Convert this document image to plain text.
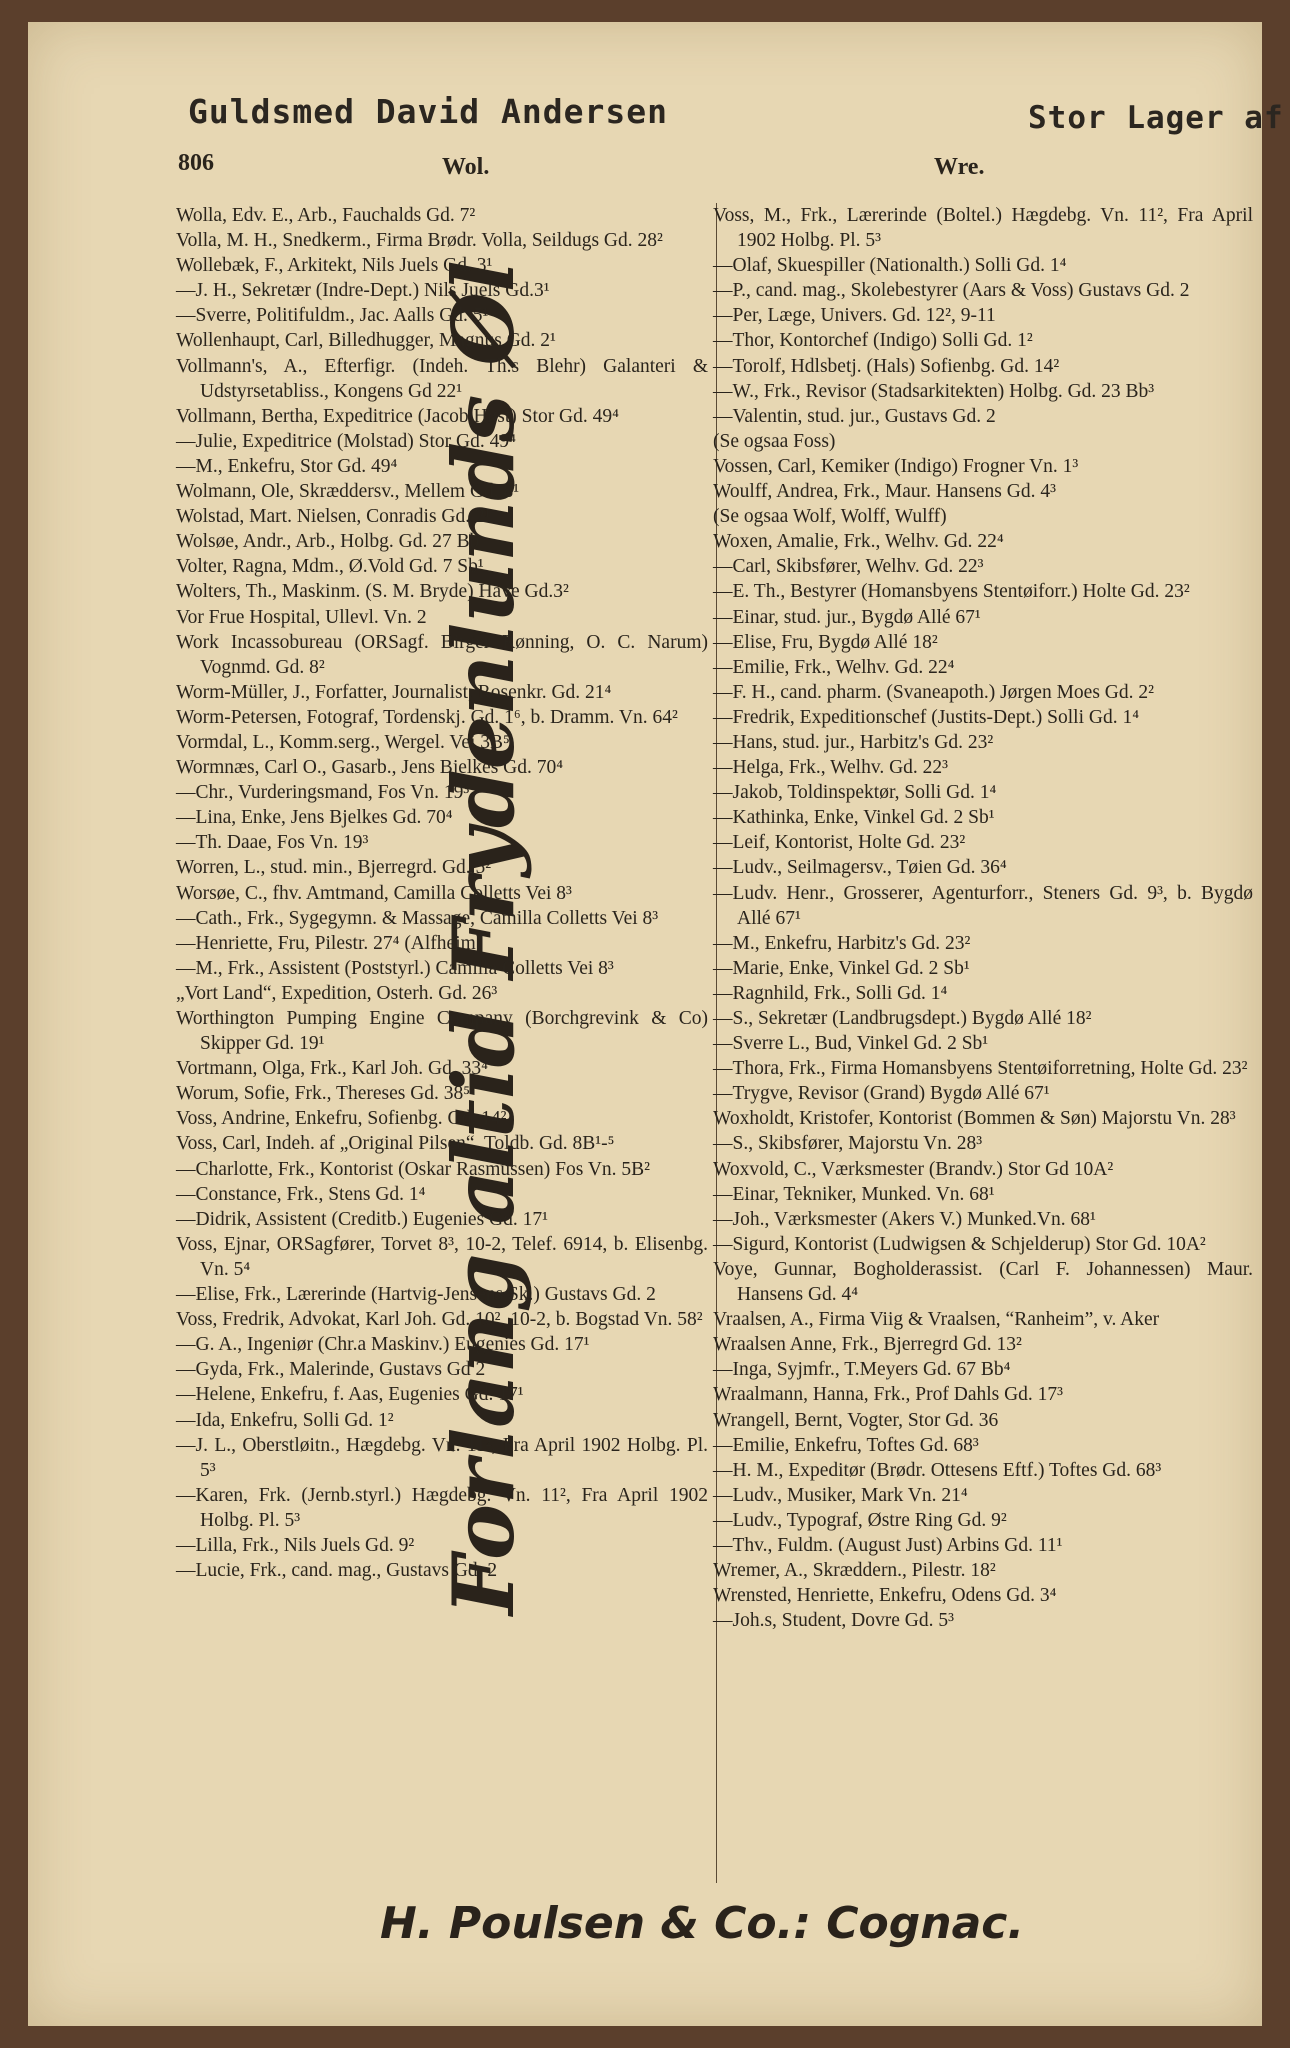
Guldsmed David Andersen	Stor Lager af
806	Wol.	Wre.
Forlang altid Frydenlunds Øl
Wolla, Edv. E., Arb., Fauchalds Gd. 7²
Volla, M. H., Snedkerm., Firma Brødr. Volla, Seildugs Gd. 28²
Wollebæk, F., Arkitekt, Nils Juels Gd. 3¹
—J. H., Sekretær (Indre-Dept.) Nils Juels Gd.3¹
—Sverre, Politifuldm., Jac. Aalls Gd. 5¹
Wollenhaupt, Carl, Billedhugger, Magnus Gd. 2¹
Vollmann's, A., Efterfigr. (Indeh. Th.s Blehr) Galanteri & Udstyrsetabliss., Kongens Gd 22¹
Vollmann, Bertha, Expeditrice (Jacob Høst) Stor Gd. 49⁴
—Julie, Expeditrice (Molstad) Stor Gd. 49⁴
—M., Enkefru, Stor Gd. 49⁴
Wolmann, Ole, Skræddersv., Mellem Gd. 8¹
Wolstad, Mart. Nielsen, Conradis Gd. 2¹
Wolsøe, Andr., Arb., Holbg. Gd. 27 Bb
Volter, Ragna, Mdm., Ø.Vold Gd. 7 Sb¹
Wolters, Th., Maskinm. (S. M. Bryde) Have Gd.3²
Vor Frue Hospital, Ullevl. Vn. 2
Work Incassobureau (ORSagf. Birger Rønning, O. C. Narum) Vognmd. Gd. 8²
Worm-Müller, J., Forfatter, Journalist, Rosenkr. Gd. 21⁴
Worm-Petersen, Fotograf, Tordenskj. Gd. 1⁶, b. Dramm. Vn. 64²
Vormdal, L., Komm.serg., Wergel. Vei 3B⁵
Wormnæs, Carl O., Gasarb., Jens Bjelkes Gd. 70⁴
—Chr., Vurderingsmand, Fos Vn. 19³
—Lina, Enke, Jens Bjelkes Gd. 70⁴
—Th. Daae, Fos Vn. 19³
Worren, L., stud. min., Bjerregrd. Gd. 5²
Worsøe, C., fhv. Amtmand, Camilla Colletts Vei 8³
—Cath., Frk., Sygegymn. & Massage, Camilla Colletts Vei 8³
—Henriette, Fru, Pilestr. 27⁴ (Alfheim)
—M., Frk., Assistent (Poststyrl.) Camilla Colletts Vei 8³
„Vort Land“, Expedition, Osterh. Gd. 26³
Worthington Pumping Engine Company (Borchgrevink & Co) Skipper Gd. 19¹
Vortmann, Olga, Frk., Karl Joh. Gd. 33⁴
Worum, Sofie, Frk., Thereses Gd. 38⁵
Voss, Andrine, Enkefru, Sofienbg. Gd. 14²
Voss, Carl, Indeh. af „Original Pilsen“, Toldb. Gd. 8B¹-⁵
—Charlotte, Frk., Kontorist (Oskar Rasmussen) Fos Vn. 5B²
—Constance, Frk., Stens Gd. 1⁴
—Didrik, Assistent (Creditb.) Eugenies Gd. 17¹
Voss, Ejnar, ORSagfører, Torvet 8³, 10-2, Telef. 6914, b. Elisenbg. Vn. 5⁴
—Elise, Frk., Lærerinde (Hartvig-Jensens Sk.) Gustavs Gd. 2
Voss, Fredrik, Advokat, Karl Joh. Gd. 10², 10-2, b. Bogstad Vn. 58²
—G. A., Ingeniør (Chr.a Maskinv.) Eugenies Gd. 17¹
—Gyda, Frk., Malerinde, Gustavs Gd 2
—Helene, Enkefru, f. Aas, Eugenies Gd. 17¹
—Ida, Enkefru, Solli Gd. 1²
—J. L., Oberstløitn., Hægdebg. Vn. 11², Fra April 1902 Holbg. Pl. 5³
—Karen, Frk. (Jernb.styrl.) Hægdebg. Vn. 11², Fra April 1902 Holbg. Pl. 5³
—Lilla, Frk., Nils Juels Gd. 9²
—Lucie, Frk., cand. mag., Gustavs Gd. 2
Voss, M., Frk., Lærerinde (Boltel.) Hægdebg. Vn. 11², Fra April 1902 Holbg. Pl. 5³
—Olaf, Skuespiller (Nationalth.) Solli Gd. 1⁴
—P., cand. mag., Skolebestyrer (Aars & Voss) Gustavs Gd. 2
—Per, Læge, Univers. Gd. 12², 9-11
—Thor, Kontorchef (Indigo) Solli Gd. 1²
—Torolf, Hdlsbetj. (Hals) Sofienbg. Gd. 14²
—W., Frk., Revisor (Stadsarkitekten) Holbg. Gd. 23 Bb³
—Valentin, stud. jur., Gustavs Gd. 2
(Se ogsaa Foss)
Vossen, Carl, Kemiker (Indigo) Frogner Vn. 1³
Woulff, Andrea, Frk., Maur. Hansens Gd. 4³
(Se ogsaa Wolf, Wolff, Wulff)
Woxen, Amalie, Frk., Welhv. Gd. 22⁴
—Carl, Skibsfører, Welhv. Gd. 22³
—E. Th., Bestyrer (Homansbyens Stentøiforr.) Holte Gd. 23²
—Einar, stud. jur., Bygdø Allé 67¹
—Elise, Fru, Bygdø Allé 18²
—Emilie, Frk., Welhv. Gd. 22⁴
—F. H., cand. pharm. (Svaneapoth.) Jørgen Moes Gd. 2²
—Fredrik, Expeditionschef (Justits-Dept.) Solli Gd. 1⁴
—Hans, stud. jur., Harbitz's Gd. 23²
—Helga, Frk., Welhv. Gd. 22³
—Jakob, Toldinspektør, Solli Gd. 1⁴
—Kathinka, Enke, Vinkel Gd. 2 Sb¹
—Leif, Kontorist, Holte Gd. 23²
—Ludv., Seilmagersv., Tøien Gd. 36⁴
—Ludv. Henr., Grosserer, Agenturforr., Steners Gd. 9³, b. Bygdø Allé 67¹
—M., Enkefru, Harbitz's Gd. 23²
—Marie, Enke, Vinkel Gd. 2 Sb¹
—Ragnhild, Frk., Solli Gd. 1⁴
—S., Sekretær (Landbrugsdept.) Bygdø Allé 18²
—Sverre L., Bud, Vinkel Gd. 2 Sb¹
—Thora, Frk., Firma Homansbyens Stentøiforretning, Holte Gd. 23²
—Trygve, Revisor (Grand) Bygdø Allé 67¹
Woxholdt, Kristofer, Kontorist (Bommen & Søn) Majorstu Vn. 28³
—S., Skibsfører, Majorstu Vn. 28³
Woxvold, C., Værksmester (Brandv.) Stor Gd 10A²
—Einar, Tekniker, Munked. Vn. 68¹
—Joh., Værksmester (Akers V.) Munked.Vn. 68¹
—Sigurd, Kontorist (Ludwigsen & Schjelderup) Stor Gd. 10A²
Voye, Gunnar, Bogholderassist. (Carl F. Johannessen) Maur. Hansens Gd. 4⁴
Vraalsen, A., Firma Viig & Vraalsen, “Ranheim”, v. Aker
Wraalsen Anne, Frk., Bjerregrd Gd. 13²
—Inga, Syjmfr., T.Meyers Gd. 67 Bb⁴
Wraalmann, Hanna, Frk., Prof Dahls Gd. 17³
Wrangell, Bernt, Vogter, Stor Gd. 36
—Emilie, Enkefru, Toftes Gd. 68³
—H. M., Expeditør (Brødr. Ottesens Eftf.) Toftes Gd. 68³
—Ludv., Musiker, Mark Vn. 21⁴
—Ludv., Typograf, Østre Ring Gd. 9²
—Thv., Fuldm. (August Just) Arbins Gd. 11¹
Wremer, A., Skræddern., Pilestr. 18²
Wrensted, Henriette, Enkefru, Odens Gd. 3⁴
—Joh.s, Student, Dovre Gd. 5³
H. Poulsen & Co.: Cognac.
